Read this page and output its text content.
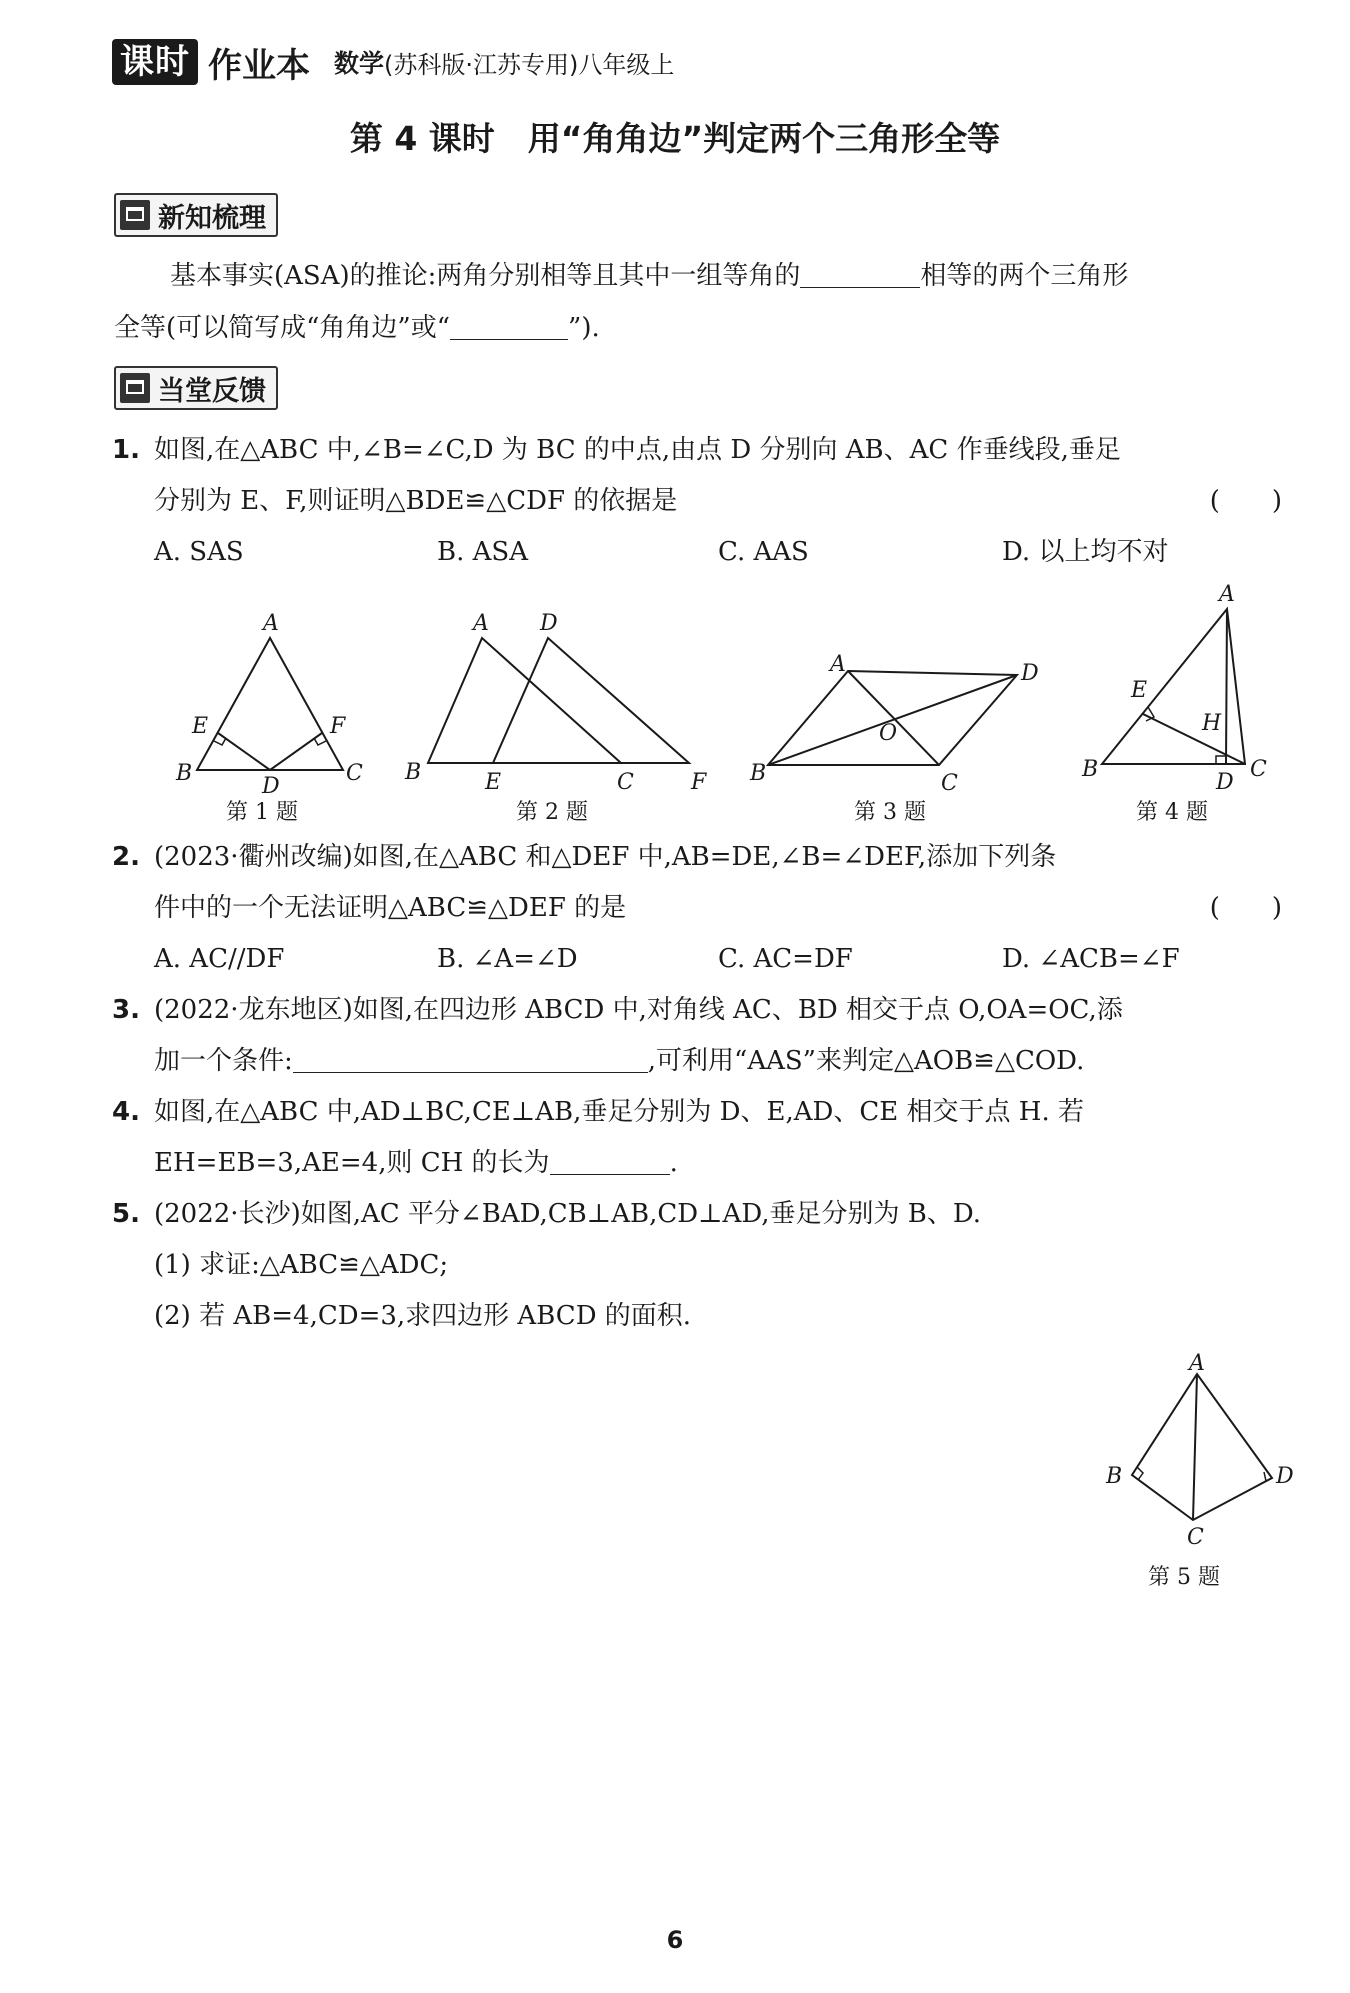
课时 作业本 数学 (苏科版·江苏专用)八年级上
第 4 课时　用“角角边”判定两个三角形全等
新知梳理
基本事实(ASA)的推论:两角分别相等且其中一组等角的	相等的两个三角形
全等(可以简写成“角角边”或“	”).
当堂反馈
1. 如图,在△ABC 中,∠B=∠C,D 为 BC 的中点,由点 D 分别向 AB、AC 作垂线段,垂足
分别为 E、F,则证明△BDE≌△CDF 的依据是	(　　)
A. SAS	B. ASA	C. AAS	D. 以上均不对
A
B	C
D
E	F
A D
B	E	C	F
A	D
B	C
O
A
B	C
D
E
H
第 1 题	第 2 题	第 3 题	第 4 题
2. (2023·衢州改编)如图,在△ABC 和△DEF 中,AB=DE,∠B=∠DEF,添加下列条
件中的一个无法证明△ABC≌△DEF 的是	(　　)
A. AC//DF	B. ∠A=∠D	C. AC=DF	D. ∠ACB=∠F
3. (2022·龙东地区)如图,在四边形 ABCD 中,对角线 AC、BD 相交于点 O,OA=OC,添
加一个条件:	,可利用“AAS”来判定△AOB≌△COD.
4. 如图,在△ABC 中,AD⊥BC,CE⊥AB,垂足分别为 D、E,AD、CE 相交于点 H. 若
EH=EB=3,AE=4,则 CH 的长为	.
5. (2022·长沙)如图,AC 平分∠BAD,CB⊥AB,CD⊥AD,垂足分别为 B、D.
(1) 求证:△ABC≌△ADC;
(2) 若 AB=4,CD=3,求四边形 ABCD 的面积.
A
B	D
C
第 5 题
6
